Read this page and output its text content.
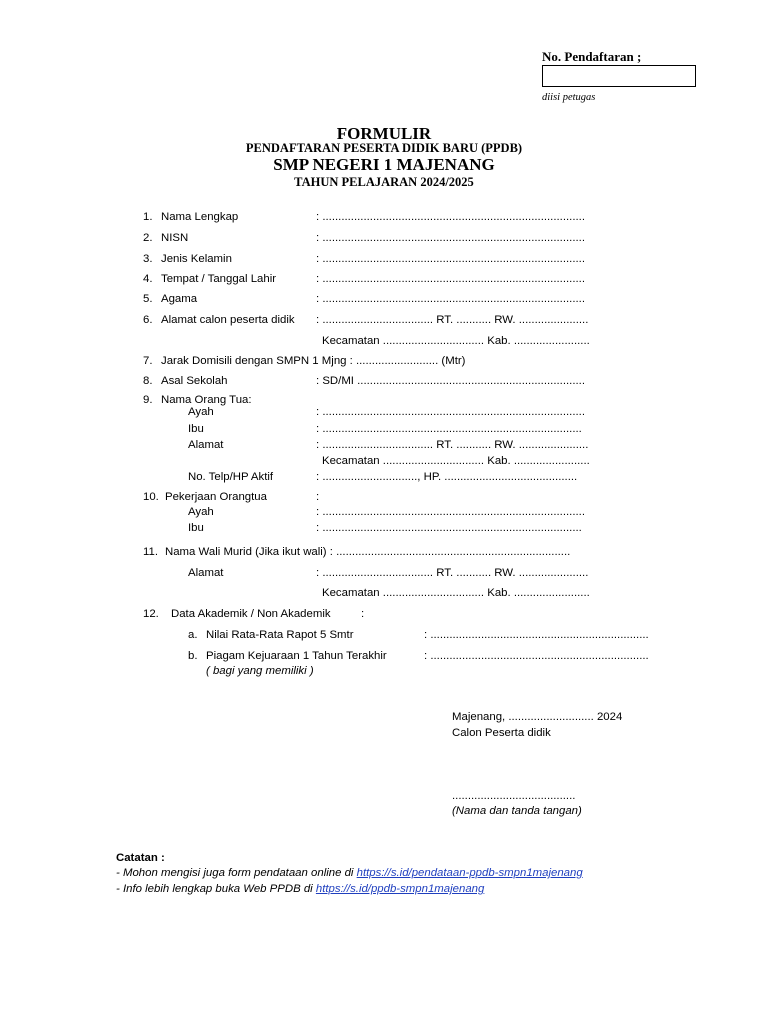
No. Pendaftaran ;
diisi petugas
FORMULIR
PENDAFTARAN PESERTA DIDIK BARU (PPDB)
SMP NEGERI 1 MAJENANG
TAHUN PELAJARAN 2024/2025
1. Nama Lengkap	: ...................................................................................
2. NISN	: ...................................................................................
3. Jenis Kelamin	: ...................................................................................
4. Tempat / Tanggal Lahir	: ...................................................................................
5. Agama	: ...................................................................................
6. Alamat calon peserta didik : ................................... RT. ........... RW. ......................
Kecamatan ................................ Kab. ........................
7. Jarak Domisili dengan SMPN 1 Mjng : .......................... (Mtr)
8. Asal Sekolah	: SD/MI ........................................................................
9. Nama Orang Tua:
Ayah	: ...................................................................................
Ibu	: ..................................................................................
Alamat	: ................................... RT. ........... RW. ......................
Kecamatan ................................ Kab. ........................
No. Telp/HP Aktif	: .............................., HP. ..........................................
10. Pekerjaan Orangtua	:
Ayah	: ...................................................................................
Ibu	: ..................................................................................
11. Nama Wali Murid (Jika ikut wali) : ..........................................................................
Alamat	: ................................... RT. ........... RW. ......................
Kecamatan ................................ Kab. ........................
12. Data Akademik / Non Akademik	:
a. Nilai Rata-Rata Rapot 5 Smtr	: .....................................................................
b. Piagam Kejuaraan 1 Tahun Terakhir	: .....................................................................
( bagi yang memiliki )
Majenang, ........................... 2024
Calon Peserta didik
.......................................
(Nama dan tanda tangan)
Catatan :
- Mohon mengisi juga form pendataan online di https://s.id/pendataan-ppdb-smpn1majenang
- Info lebih lengkap buka Web PPDB di https://s.id/ppdb-smpn1majenang
